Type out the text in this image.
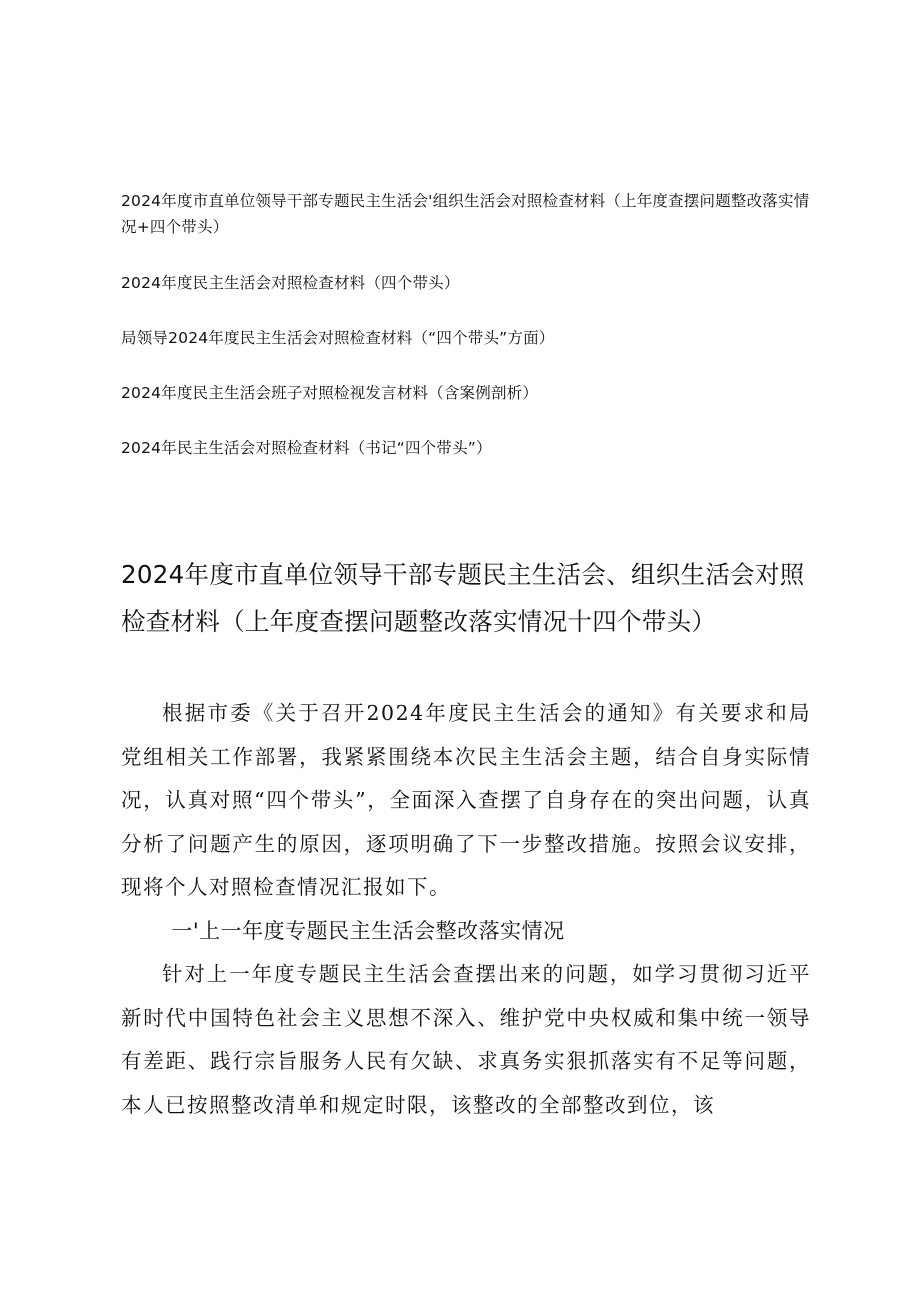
2024年度市直单位领导干部专题民主生活会'组织生活会对照检查材料（上年度查摆问题整改落实情况+四个带头）
2024年度民主生活会对照检查材料（四个带头）
局领导2024年度民主生活会对照检查材料（“四个带头”方面）
2024年度民主生活会班子对照检视发言材料（含案例剖析）
2024年民主生活会对照检查材料（书记“四个带头”）
2024年度市直单位领导干部专题民主生活会、组织生活会对照检查材料（上年度查摆问题整改落实情况十四个带头）

根据市委《关于召开2024年度民主生活会的通知》有关要求和局党组相关工作部署，我紧紧围绕本次民主生活会主题，结合自身实际情况，认真对照“四个带头”，全面深入查摆了自身存在的突出问题，认真分析了问题产生的原因，逐项明确了下一步整改措施。按照会议安排，现将个人对照检查情况汇报如下。

一'上一年度专题民主生活会整改落实情况

针对上一年度专题民主生活会查摆出来的问题，如学习贯彻习近平新时代中国特色社会主义思想不深入、维护党中央权威和集中统一领导有差距、践行宗旨服务人民有欠缺、求真务实狠抓落实有不足等问题，本人已按照整改清单和规定时限，该整改的全部整改到位，该
